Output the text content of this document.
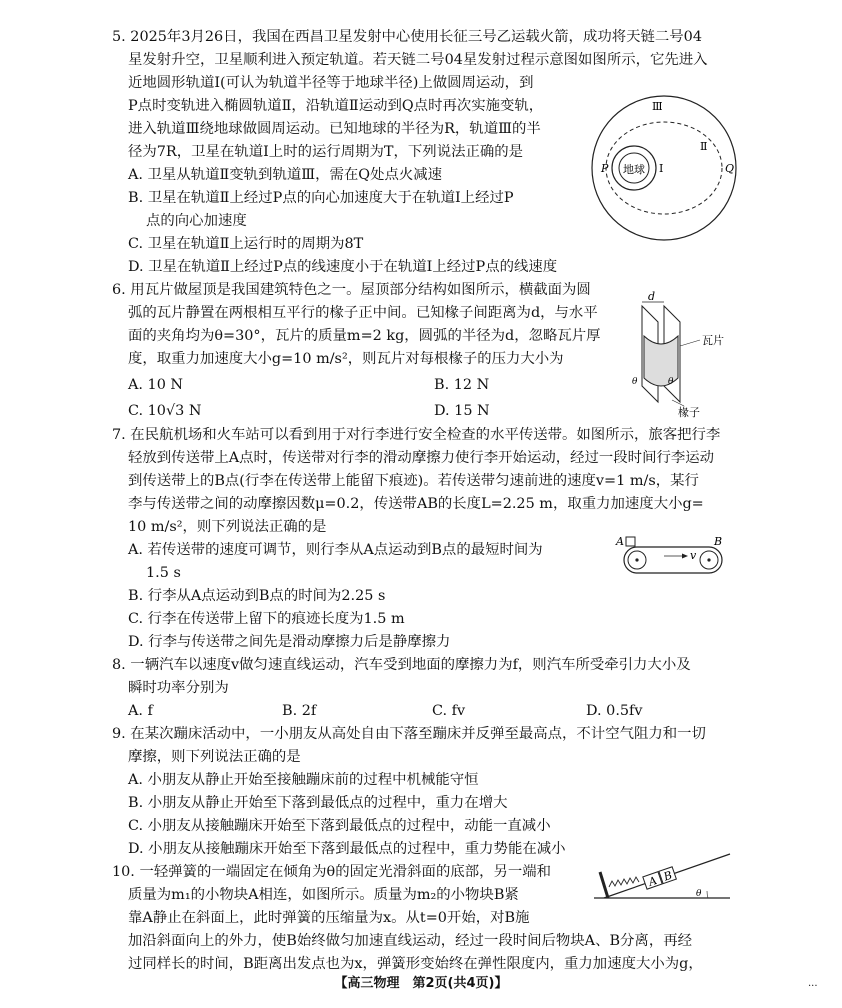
5. 2025年3月26日，我国在西昌卫星发射中心使用长征三号乙运载火箭，成功将天链二号04
星发射升空，卫星顺利进入预定轨道。若天链二号04星发射过程示意图如图所示，它先进入
近地圆形轨道Ⅰ(可认为轨道半径等于地球半径)上做圆周运动，到
P点时变轨进入椭圆轨道Ⅱ，沿轨道Ⅱ运动到Q点时再次实施变轨，
进入轨道Ⅲ绕地球做圆周运动。已知地球的半径为R，轨道Ⅲ的半
径为7R，卫星在轨道Ⅰ上时的运行周期为T，下列说法正确的是
A. 卫星从轨道Ⅱ变轨到轨道Ⅲ，需在Q处点火减速
B. 卫星在轨道Ⅱ上经过P点的向心加速度大于在轨道Ⅰ上经过P
点的向心加速度
C. 卫星在轨道Ⅱ上运行时的周期为8T
D. 卫星在轨道Ⅱ上经过P点的线速度小于在轨道Ⅰ上经过P点的线速度
6. 用瓦片做屋顶是我国建筑特色之一。屋顶部分结构如图所示，横截面为圆
弧的瓦片静置在两根相互平行的椽子正中间。已知椽子间距离为d，与水平
面的夹角均为θ=30°，瓦片的质量m=2 kg，圆弧的半径为d，忽略瓦片厚
度，取重力加速度大小g=10 m/s²，则瓦片对每根椽子的压力大小为
A. 10 N	B. 12 N
C. 10√3 N	D. 15 N
7. 在民航机场和火车站可以看到用于对行李进行安全检查的水平传送带。如图所示，旅客把行李
轻放到传送带上A点时，传送带对行李的滑动摩擦力使行李开始运动，经过一段时间行李运动
到传送带上的B点(行李在传送带上能留下痕迹)。若传送带匀速前进的速度v=1 m/s，某行
李与传送带之间的动摩擦因数μ=0.2，传送带AB的长度L=2.25 m，取重力加速度大小g=
10 m/s²，则下列说法正确的是
A. 若传送带的速度可调节，则行李从A点运动到B点的最短时间为
1.5 s
B. 行李从A点运动到B点的时间为2.25 s
C. 行李在传送带上留下的痕迹长度为1.5 m
D. 行李与传送带之间先是滑动摩擦力后是静摩擦力
8. 一辆汽车以速度v做匀速直线运动，汽车受到地面的摩擦力为f，则汽车所受牵引力大小及
瞬时功率分别为
A. f	B. 2f	C. fv	D. 0.5fv
9. 在某次蹦床活动中，一小朋友从高处自由下落至蹦床并反弹至最高点，不计空气阻力和一切
摩擦，则下列说法正确的是
A. 小朋友从静止开始至接触蹦床前的过程中机械能守恒
B. 小朋友从静止开始至下落到最低点的过程中，重力在增大
C. 小朋友从接触蹦床开始至下落到最低点的过程中，动能一直减小
D. 小朋友从接触蹦床开始至下落到最低点的过程中，重力势能在减小
10. 一轻弹簧的一端固定在倾角为θ的固定光滑斜面的底部，另一端和
质量为m₁的小物块A相连，如图所示。质量为m₂的小物块B紧
靠A静止在斜面上，此时弹簧的压缩量为x。从t=0开始，对B施
加沿斜面向上的外力，使B始终做匀加速直线运动，经过一段时间后物块A、B分离，再经
过同样长的时间，B距离出发点也为x，弹簧形变始终在弹性限度内，重力加速度大小为g，
地球 Ⅰ
Ⅱ
Ⅲ
P	Q
d
瓦片
椽子
θ	θ
A	B
v
A B
θ
【高三物理　第2页(共4页)】	...
